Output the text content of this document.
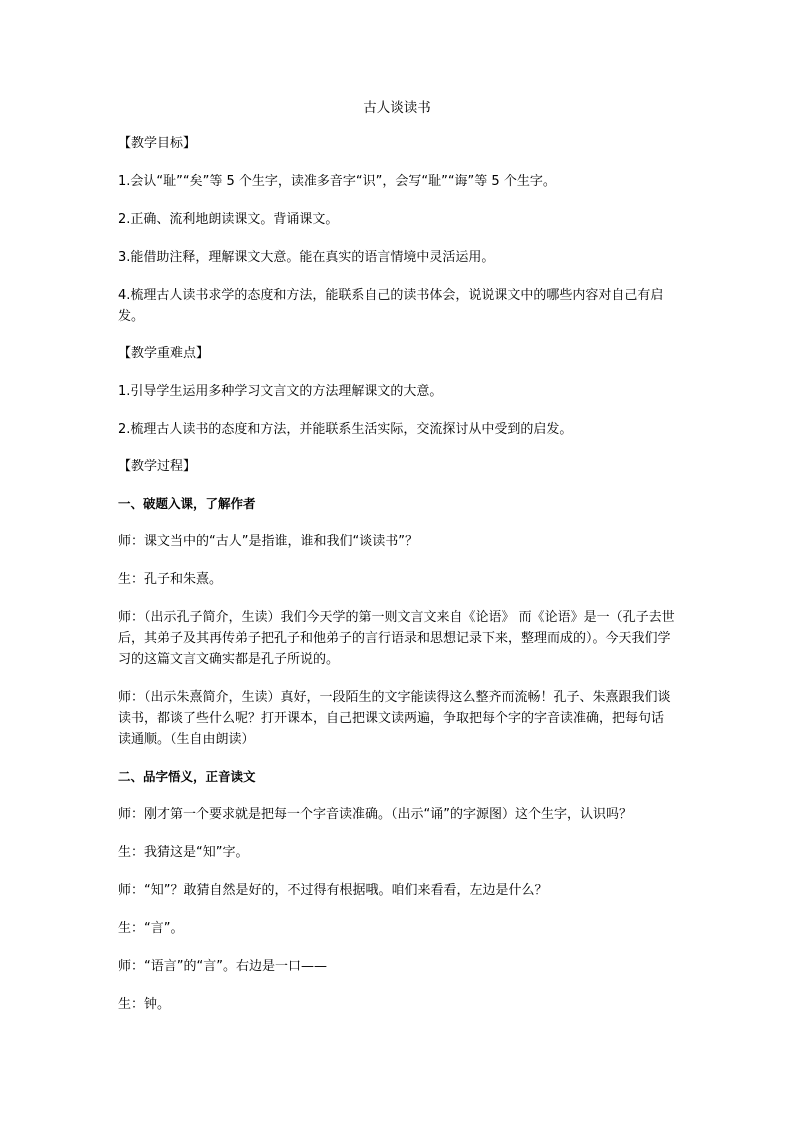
古人谈读书
【教学目标】
1.会认“耻”“矣”等 5 个生字，读准多音字“识”，会写“耻”“诲”等 5 个生字。
2.正确、流利地朗读课文。背诵课文。
3.能借助注释，理解课文大意。能在真实的语言情境中灵活运用。
4.梳理古人读书求学的态度和方法，能联系自己的读书体会，说说课文中的哪些内容对自己有启发。
【教学重难点】
1.引导学生运用多种学习文言文的方法理解课文的大意。
2.梳理古人读书的态度和方法，并能联系生活实际，交流探讨从中受到的启发。
【教学过程】
一、破题入课，了解作者
师：课文当中的“古人”是指谁，谁和我们“谈读书”？
生：孔子和朱熹。
师：（出示孔子简介，生读）我们今天学的第一则文言文来自《论语》 而《论语》是一（孔子去世后，其弟子及其再传弟子把孔子和他弟子的言行语录和思想记录下来，整理而成的）。今天我们学习的这篇文言文确实都是孔子所说的。
师：（出示朱熹简介，生读）真好，一段陌生的文字能读得这么整齐而流畅！孔子、朱熹跟我们谈读书，都谈了些什么呢？打开课本，自己把课文读两遍，争取把每个字的字音读准确，把每句话读通顺。（生自由朗读）
二、品字悟义，正音读文
师：刚才第一个要求就是把每一个字音读准确。（出示“诵”的字源图）这个生字，认识吗？
生：我猜这是“知”字。
师：“知”？敢猜自然是好的，不过得有根据哦。咱们来看看，左边是什么？
生：“言”。
师：“语言”的“言”。右边是一口——
生：钟。
